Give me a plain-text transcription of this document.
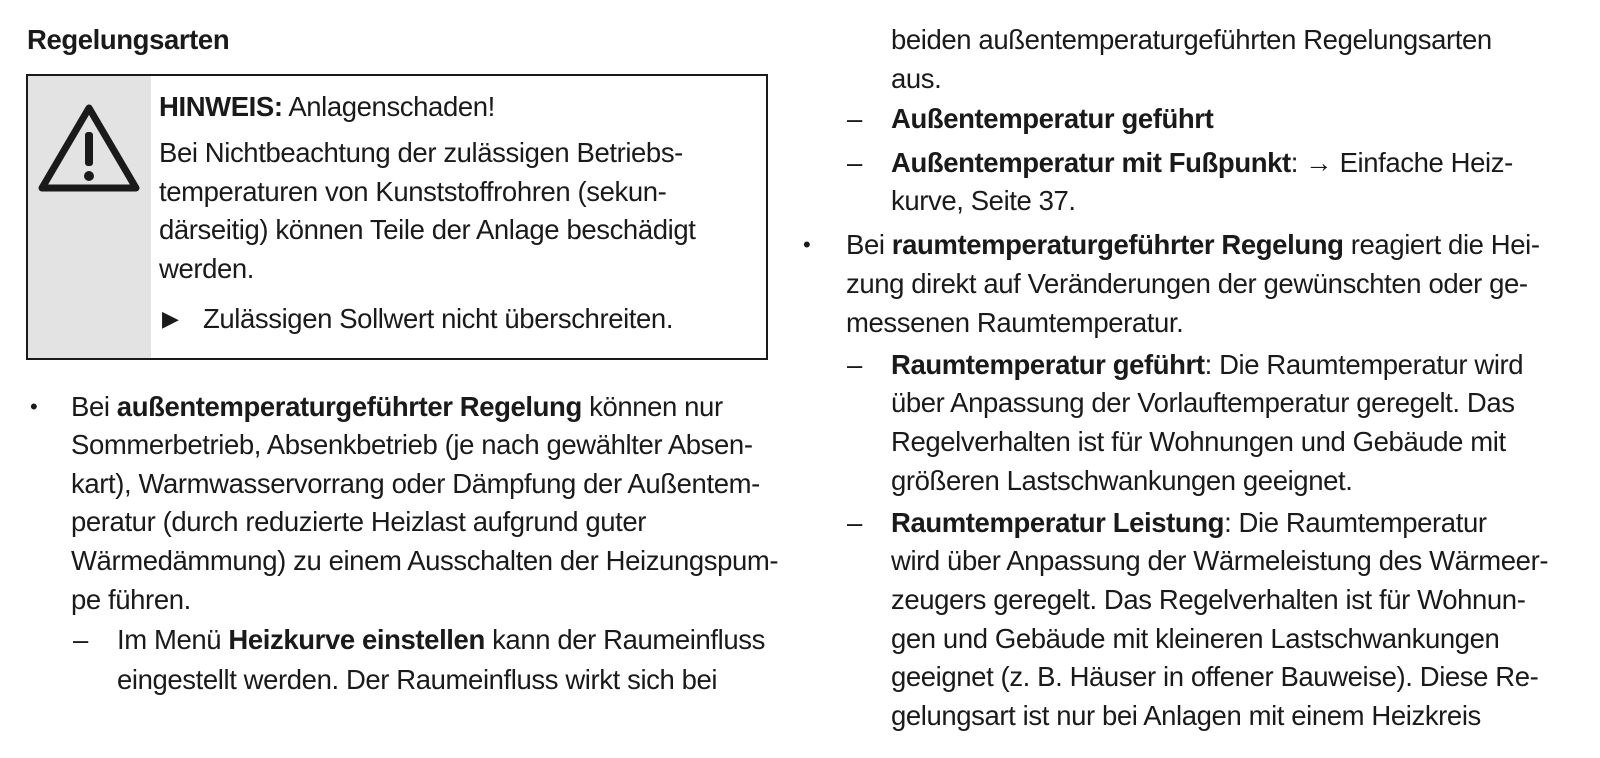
Regelungsarten
HINWEIS: Anlagenschaden!
Bei Nichtbeachtung der zulässigen Betriebs-
temperaturen von Kunststoffrohren (sekun-
därseitig) können Teile der Anlage beschädigt
werden.
▶ Zulässigen Sollwert nicht überschreiten.
• Bei außentemperaturgeführter Regelung können nur
Sommerbetrieb, Absenkbetrieb (je nach gewählter Absen-
kart), Warmwasservorrang oder Dämpfung der Außentem-
peratur (durch reduzierte Heizlast aufgrund guter
Wärmedämmung) zu einem Ausschalten der Heizungspum-
pe führen.
– Im Menü Heizkurve einstellen kann der Raumeinfluss
eingestellt werden. Der Raumeinfluss wirkt sich bei
beiden außentemperaturgeführten Regelungsarten
aus.
– Außentemperatur geführt
– Außentemperatur mit Fußpunkt: → Einfache Heiz-
kurve, Seite 37.
• Bei raumtemperaturgeführter Regelung reagiert die Hei-
zung direkt auf Veränderungen der gewünschten oder ge-
messenen Raumtemperatur.
– Raumtemperatur geführt: Die Raumtemperatur wird
über Anpassung der Vorlauftemperatur geregelt. Das
Regelverhalten ist für Wohnungen und Gebäude mit
größeren Lastschwankungen geeignet.
– Raumtemperatur Leistung: Die Raumtemperatur
wird über Anpassung der Wärmeleistung des Wärmeer-
zeugers geregelt. Das Regelverhalten ist für Wohnun-
gen und Gebäude mit kleineren Lastschwankungen
geeignet (z. B. Häuser in offener Bauweise). Diese Re-
gelungsart ist nur bei Anlagen mit einem Heizkreis
